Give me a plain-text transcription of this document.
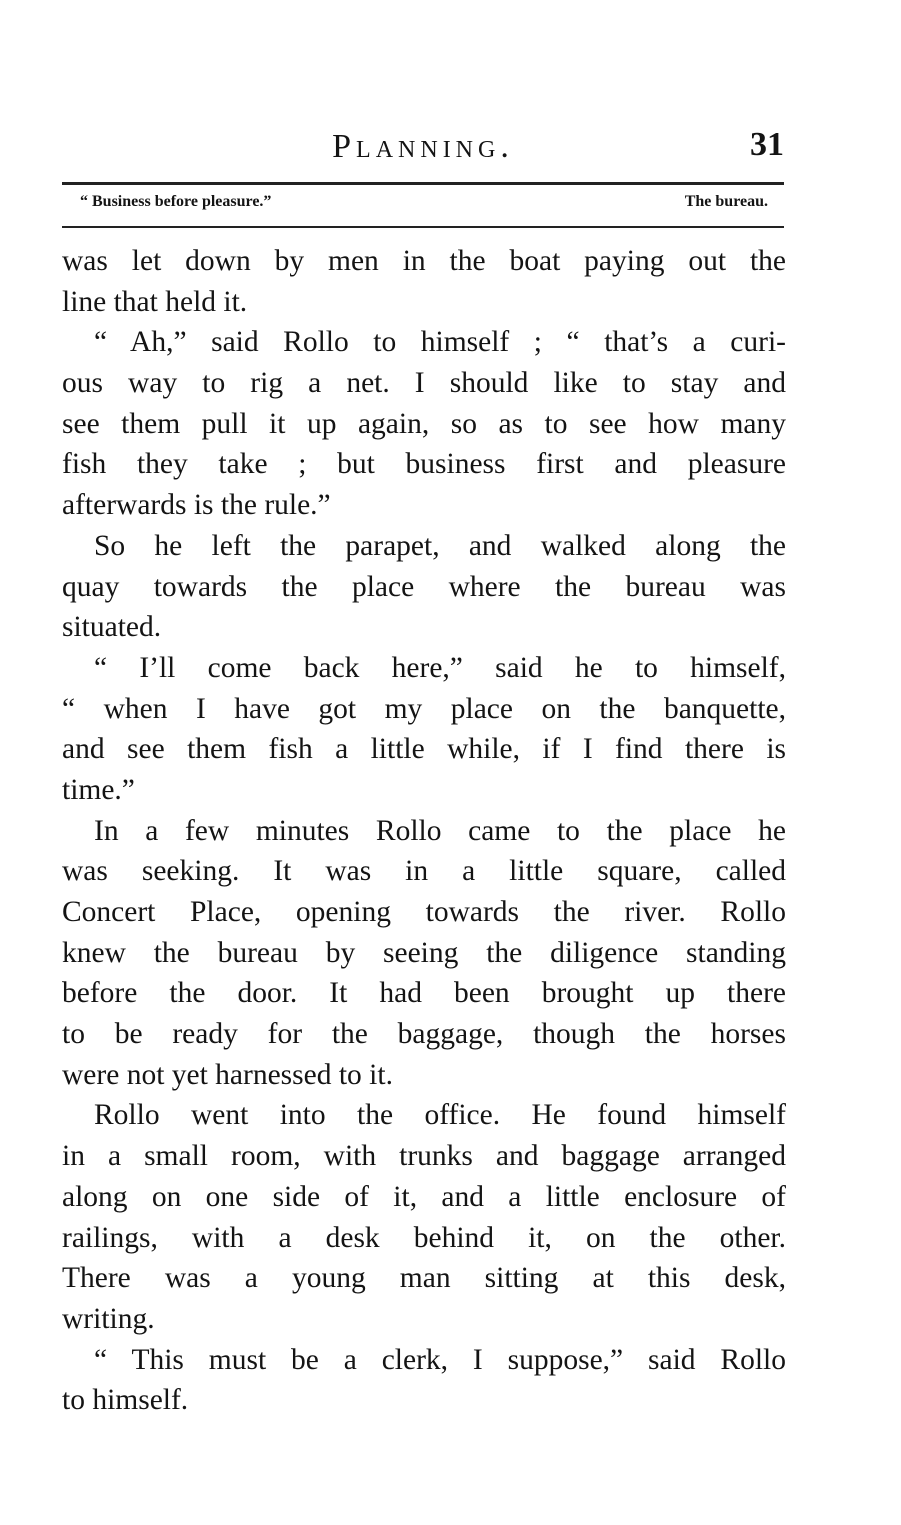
Planning.	31
“ Business before pleasure.”	The bureau.
was let down by men in the boat paying out the
line that held it.
“ Ah,” said Rollo to himself ; “ that’s a curi-
ous way to rig a net. I should like to stay and
see them pull it up again, so as to see how many
fish they take ; but business first and pleasure
afterwards is the rule.”
So he left the parapet, and walked along the
quay towards the place where the bureau was
situated.
“ I’ll come back here,” said he to himself,
“ when I have got my place on the banquette,
and see them fish a little while, if I find there is
time.”
In a few minutes Rollo came to the place he
was seeking. It was in a little square, called
Concert Place, opening towards the river. Rollo
knew the bureau by seeing the diligence standing
before the door. It had been brought up there
to be ready for the baggage, though the horses
were not yet harnessed to it.
Rollo went into the office. He found himself
in a small room, with trunks and baggage arranged
along on one side of it, and a little enclosure of
railings, with a desk behind it, on the other.
There was a young man sitting at this desk,
writing.
“ This must be a clerk, I suppose,” said Rollo
to himself.
